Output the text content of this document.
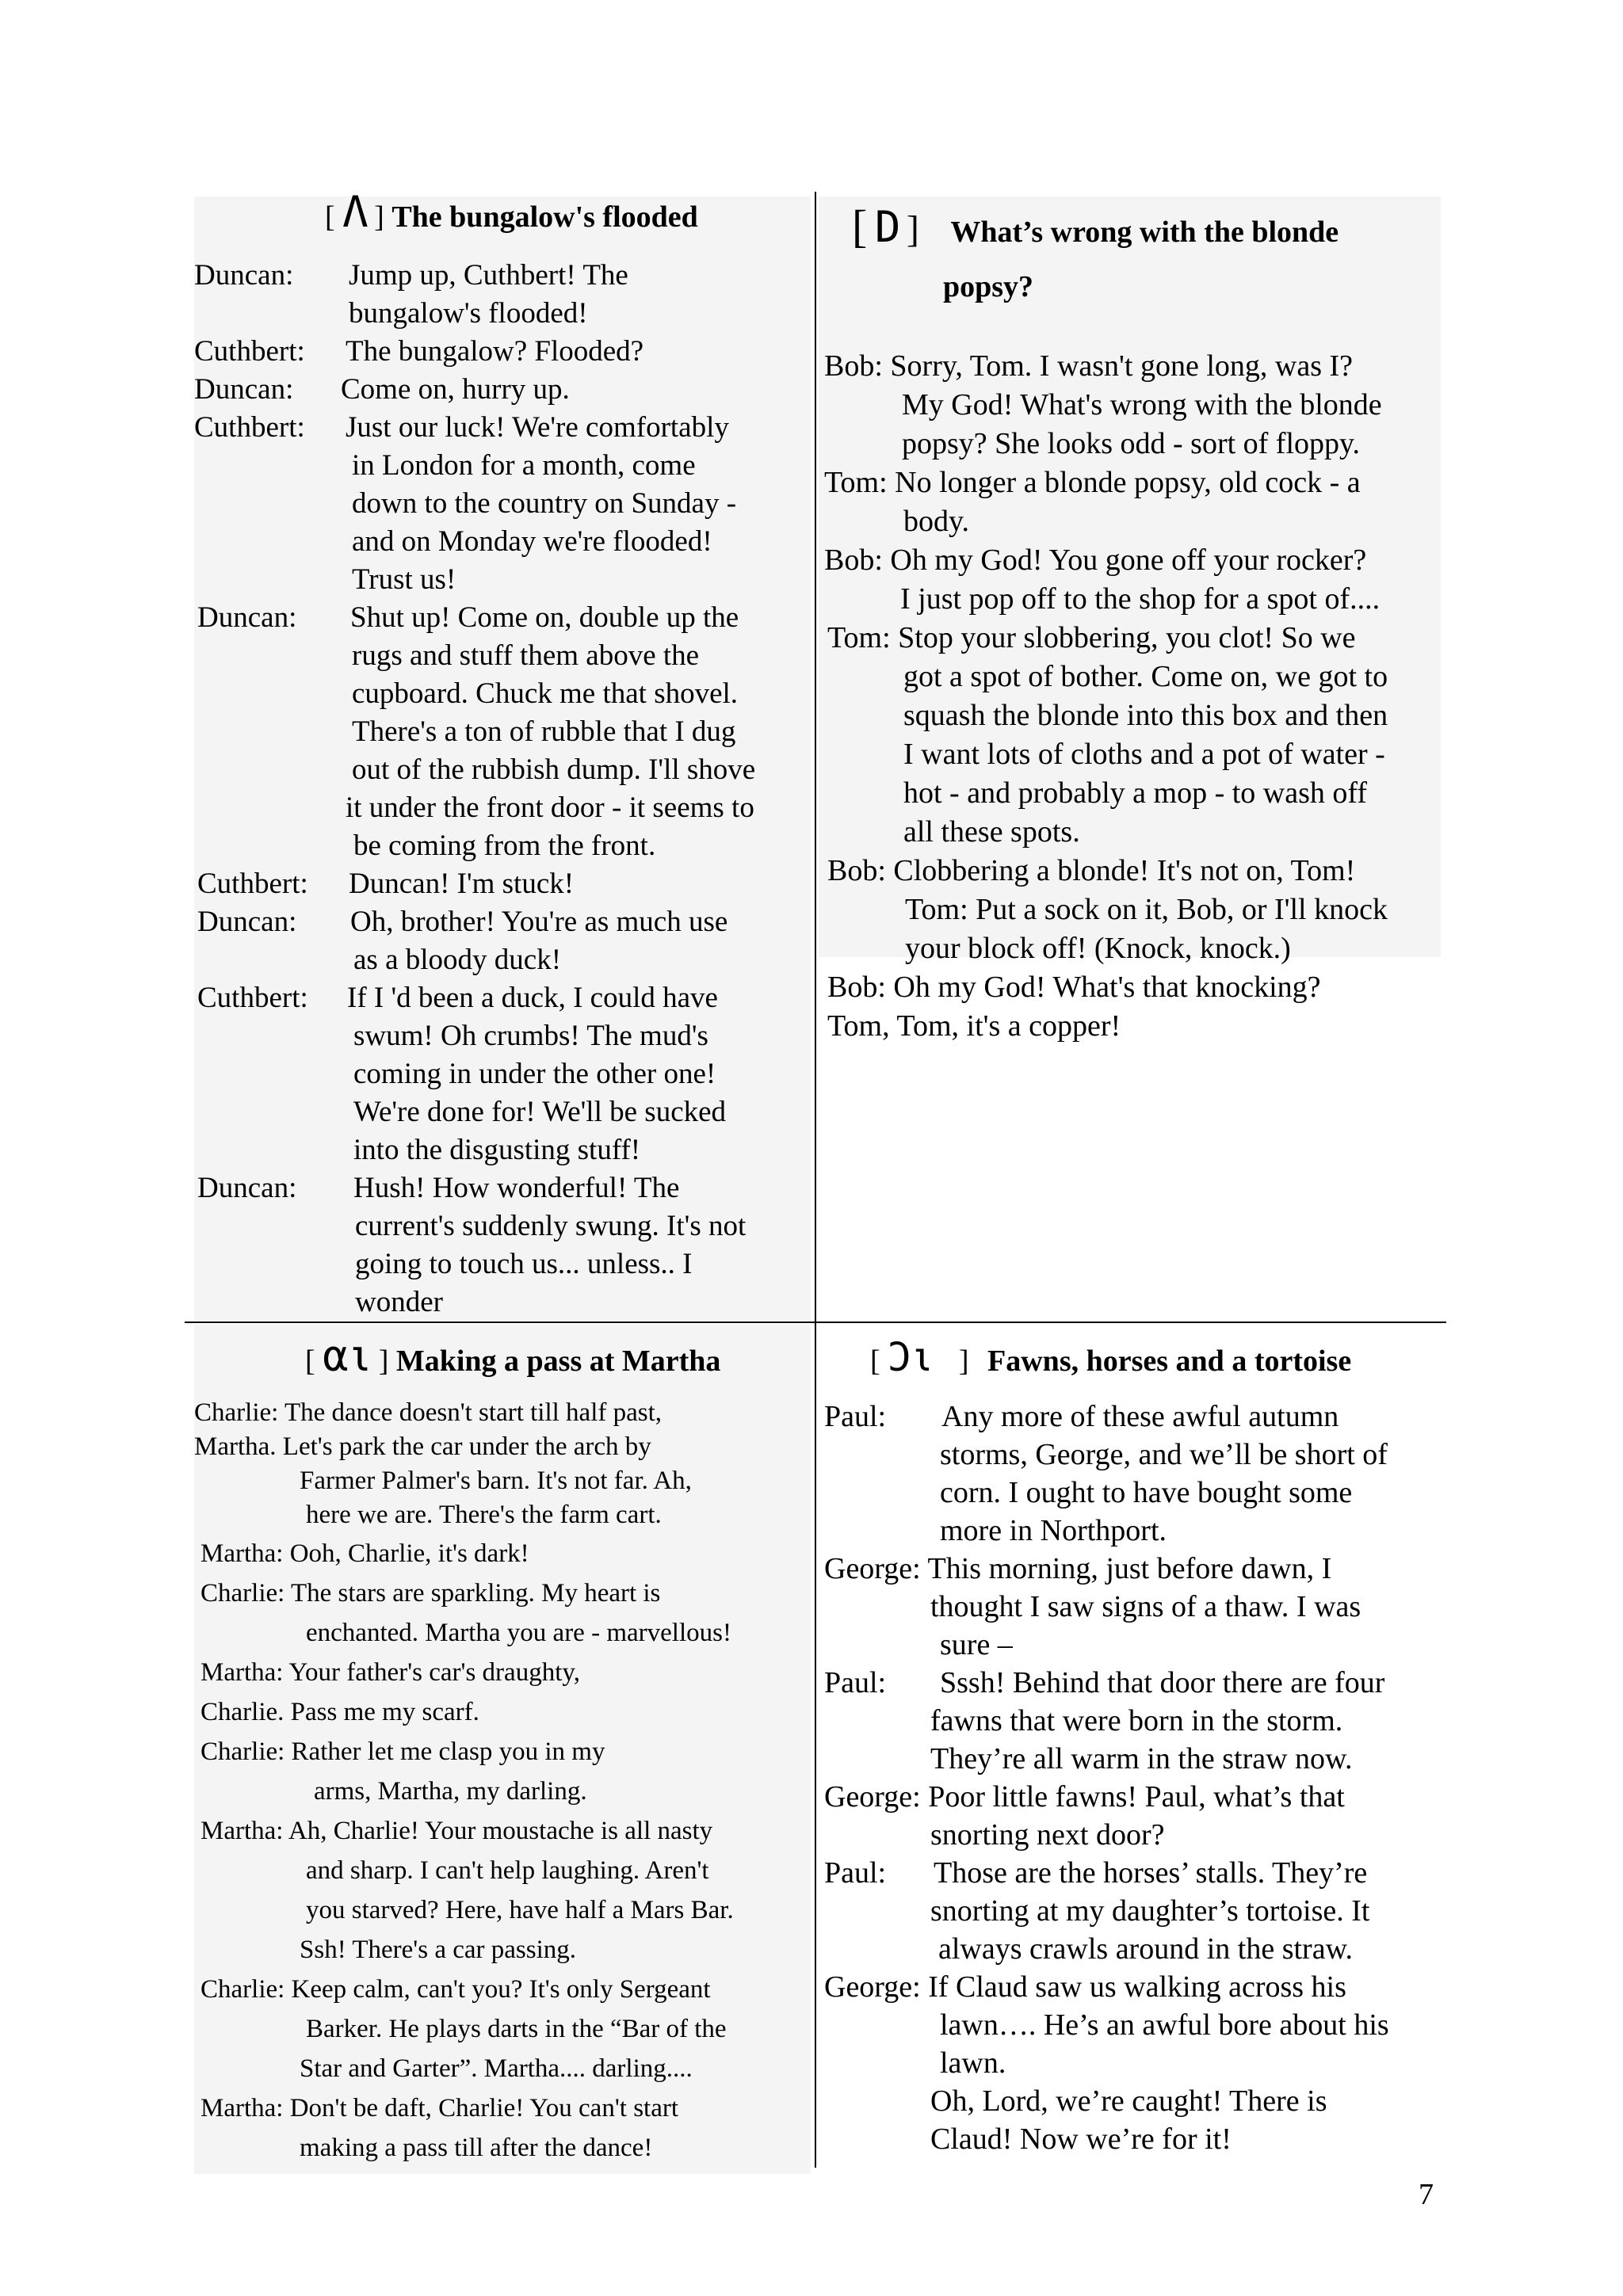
[ Λ ] The bungalow's flooded
Duncan: Jump up, Cuthbert! The
bungalow's flooded!
Cuthbert: The bungalow? Flooded?
Duncan: Come on, hurry up.
Cuthbert: Just our luck! We're comfortably
in London for a month, come
down to the country on Sunday -
and on Monday we're flooded!
Trust us!
Duncan: Shut up! Come on, double up the
rugs and stuff them above the
cupboard. Chuck me that shovel.
There's a ton of rubble that I dug
out of the rubbish dump. I'll shove
it under the front door - it seems to
be coming from the front.
Cuthbert: Duncan! I'm stuck!
Duncan: Oh, brother! You're as much use
as a bloody duck!
Cuthbert: If I 'd been a duck, I could have
swum! Oh crumbs! The mud's
coming in under the other one!
We're done for! We'll be sucked
into the disgusting stuff!
Duncan: Hush! How wonderful! The
current's suddenly swung. It's not
going to touch us... unless.. I
wonder
[ D ] What’s wrong with the blonde
popsy?
Bob: Sorry, Tom. I wasn't gone long, was I?
My God! What's wrong with the blonde
popsy? She looks odd - sort of floppy.
Tom: No longer a blonde popsy, old cock - a
body.
Bob: Oh my God! You gone off your rocker?
I just pop off to the shop for a spot of....
Tom: Stop your slobbering, you clot! So we
got a spot of bother. Come on, we got to
squash the blonde into this box and then
I want lots of cloths and a pot of water -
hot - and probably a mop - to wash off
all these spots.
Bob: Clobbering a blonde! It's not on, Tom!
Tom: Put a sock on it, Bob, or I'll knock
your block off! (Knock, knock.)
Bob: Oh my God! What's that knocking?
Tom, Tom, it's a copper!
[ αι ] Making a pass at Martha
Charlie: The dance doesn't start till half past,
Martha. Let's park the car under the arch by
Farmer Palmer's barn. It's not far. Ah,
here we are. There's the farm cart.
Martha: Ooh, Charlie, it's dark!
Charlie: The stars are sparkling. My heart is
enchanted. Martha you are - marvellous!
Martha: Your father's car's draughty,
Charlie. Pass me my scarf.
Charlie: Rather let me clasp you in my
arms, Martha, my darling.
Martha: Ah, Charlie! Your moustache is all nasty
and sharp. I can't help laughing. Aren't
you starved? Here, have half a Mars Bar.
Ssh! There's a car passing.
Charlie: Keep calm, can't you? It's only Sergeant
Barker. He plays darts in the “Bar of the
Star and Garter”. Martha.... darling....
Martha: Don't be daft, Charlie! You can't start
making a pass till after the dance!
[ Ͻι ] Fawns, horses and a tortoise
Paul: Any more of these awful autumn
storms, George, and we’ll be short of
corn. I ought to have bought some
more in Northport.
George: This morning, just before dawn, I
thought I saw signs of a thaw. I was
sure –
Paul: Sssh! Behind that door there are four
fawns that were born in the storm.
They’re all warm in the straw now.
George: Poor little fawns! Paul, what’s that
snorting next door?
Paul: Those are the horses’ stalls. They’re
snorting at my daughter’s tortoise. It
always crawls around in the straw.
George: If Claud saw us walking across his
lawn…. He’s an awful bore about his
lawn.
Oh, Lord, we’re caught! There is
Claud! Now we’re for it!
7
